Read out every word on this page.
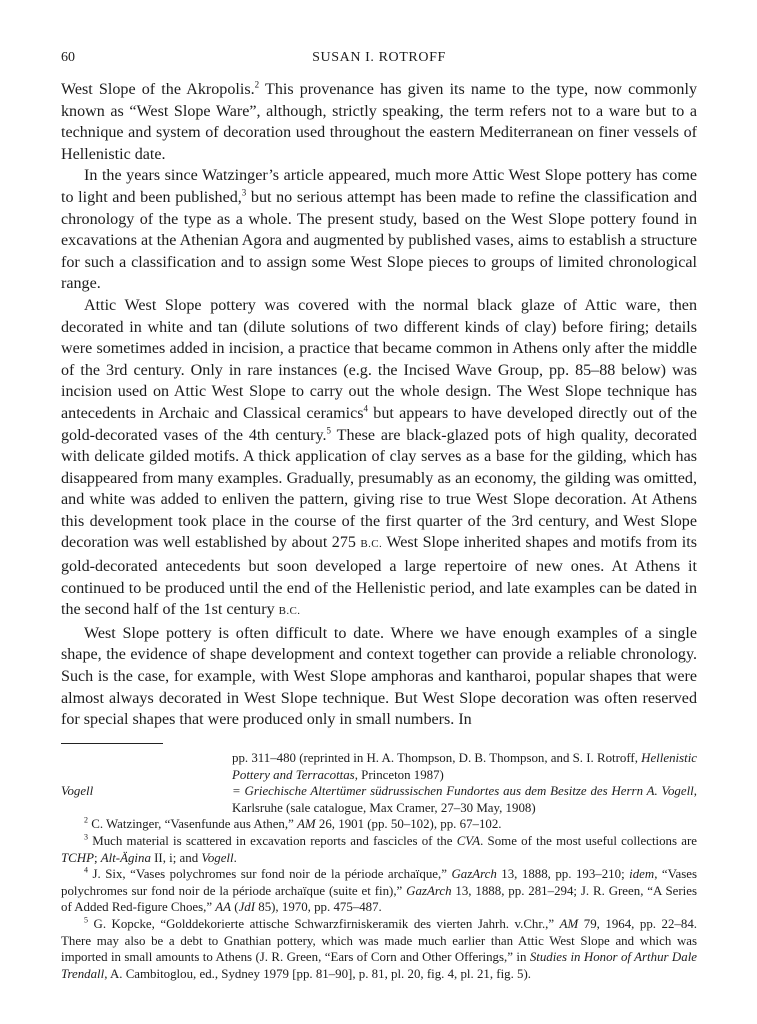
60	SUSAN I. ROTROFF

West Slope of the Akropolis.$^2$ This provenance has given its name to the type, now commonly known as “West Slope Ware”, although, strictly speaking, the term refers not to a ware but to a technique and system of decoration used throughout the eastern Mediterranean on finer vessels of Hellenistic date.

In the years since Watzinger’s article appeared, much more Attic West Slope pottery has come to light and been published,$^3$ but no serious attempt has been made to refine the classification and chronology of the type as a whole. The present study, based on the West Slope pottery found in excavations at the Athenian Agora and augmented by published vases, aims to establish a structure for such a classification and to assign some West Slope pieces to groups of limited chronological range.

Attic West Slope pottery was covered with the normal black glaze of Attic ware, then decorated in white and tan (dilute solutions of two different kinds of clay) before firing; details were sometimes added in incision, a practice that became common in Athens only after the middle of the 3rd century. Only in rare instances (e.g. the Incised Wave Group, pp. 85–88 below) was incision used on Attic West Slope to carry out the whole design. The West Slope technique has antecedents in Archaic and Classical ceramics$^4$ but appears to have developed directly out of the gold-decorated vases of the 4th century.$^5$ These are black-glazed pots of high quality, decorated with delicate gilded motifs. A thick application of clay serves as a base for the gilding, which has disappeared from many examples. Gradually, presumably as an economy, the gilding was omitted, and white was added to enliven the pattern, giving rise to true West Slope decoration. At Athens this development took place in the course of the first quarter of the 3rd century, and West Slope decoration was well established by about 275 B.C. West Slope inherited shapes and motifs from its gold-decorated antecedents but soon developed a large repertoire of new ones. At Athens it continued to be produced until the end of the Hellenistic period, and late examples can be dated in the second half of the 1st century B.C.

West Slope pottery is often difficult to date. Where we have enough examples of a single shape, the evidence of shape development and context together can provide a reliable chronology. Such is the case, for example, with West Slope amphoras and kantharoi, popular shapes that were almost always decorated in West Slope technique. But West Slope decoration was often reserved for special shapes that were produced only in small numbers. In

pp. 311–480 (reprinted in H. A. Thompson, D. B. Thompson, and S. I. Rotroff, Hellenistic Pottery and Terracottas, Princeton 1987)
Vogell	= Griechische Altertümer südrussischen Fundortes aus dem Besitze des Herrn A. Vogell, Karlsruhe (sale catalogue, Max Cramer, 27–30 May, 1908)

$^2$ C. Watzinger, “Vasenfunde aus Athen,” AM 26, 1901 (pp. 50–102), pp. 67–102.

$^3$ Much material is scattered in excavation reports and fascicles of the CVA. Some of the most useful collections are TCHP; Alt-Ägina II, i; and Vogell.

$^4$ J. Six, “Vases polychromes sur fond noir de la période archaïque,” GazArch 13, 1888, pp. 193–210; idem, “Vases polychromes sur fond noir de la période archaïque (suite et fin),” GazArch 13, 1888, pp. 281–294; J. R. Green, “A Series of Added Red-figure Choes,” AA (JdI 85), 1970, pp. 475–487.

$^5$ G. Kopcke, “Golddekorierte attische Schwarzfirniskeramik des vierten Jahrh. v.Chr.,” AM 79, 1964, pp. 22–84. There may also be a debt to Gnathian pottery, which was made much earlier than Attic West Slope and which was imported in small amounts to Athens (J. R. Green, “Ears of Corn and Other Offerings,” in Studies in Honor of Arthur Dale Trendall, A. Cambitoglou, ed., Sydney 1979 [pp. 81–90], p. 81, pl. 20, fig. 4, pl. 21, fig. 5).
